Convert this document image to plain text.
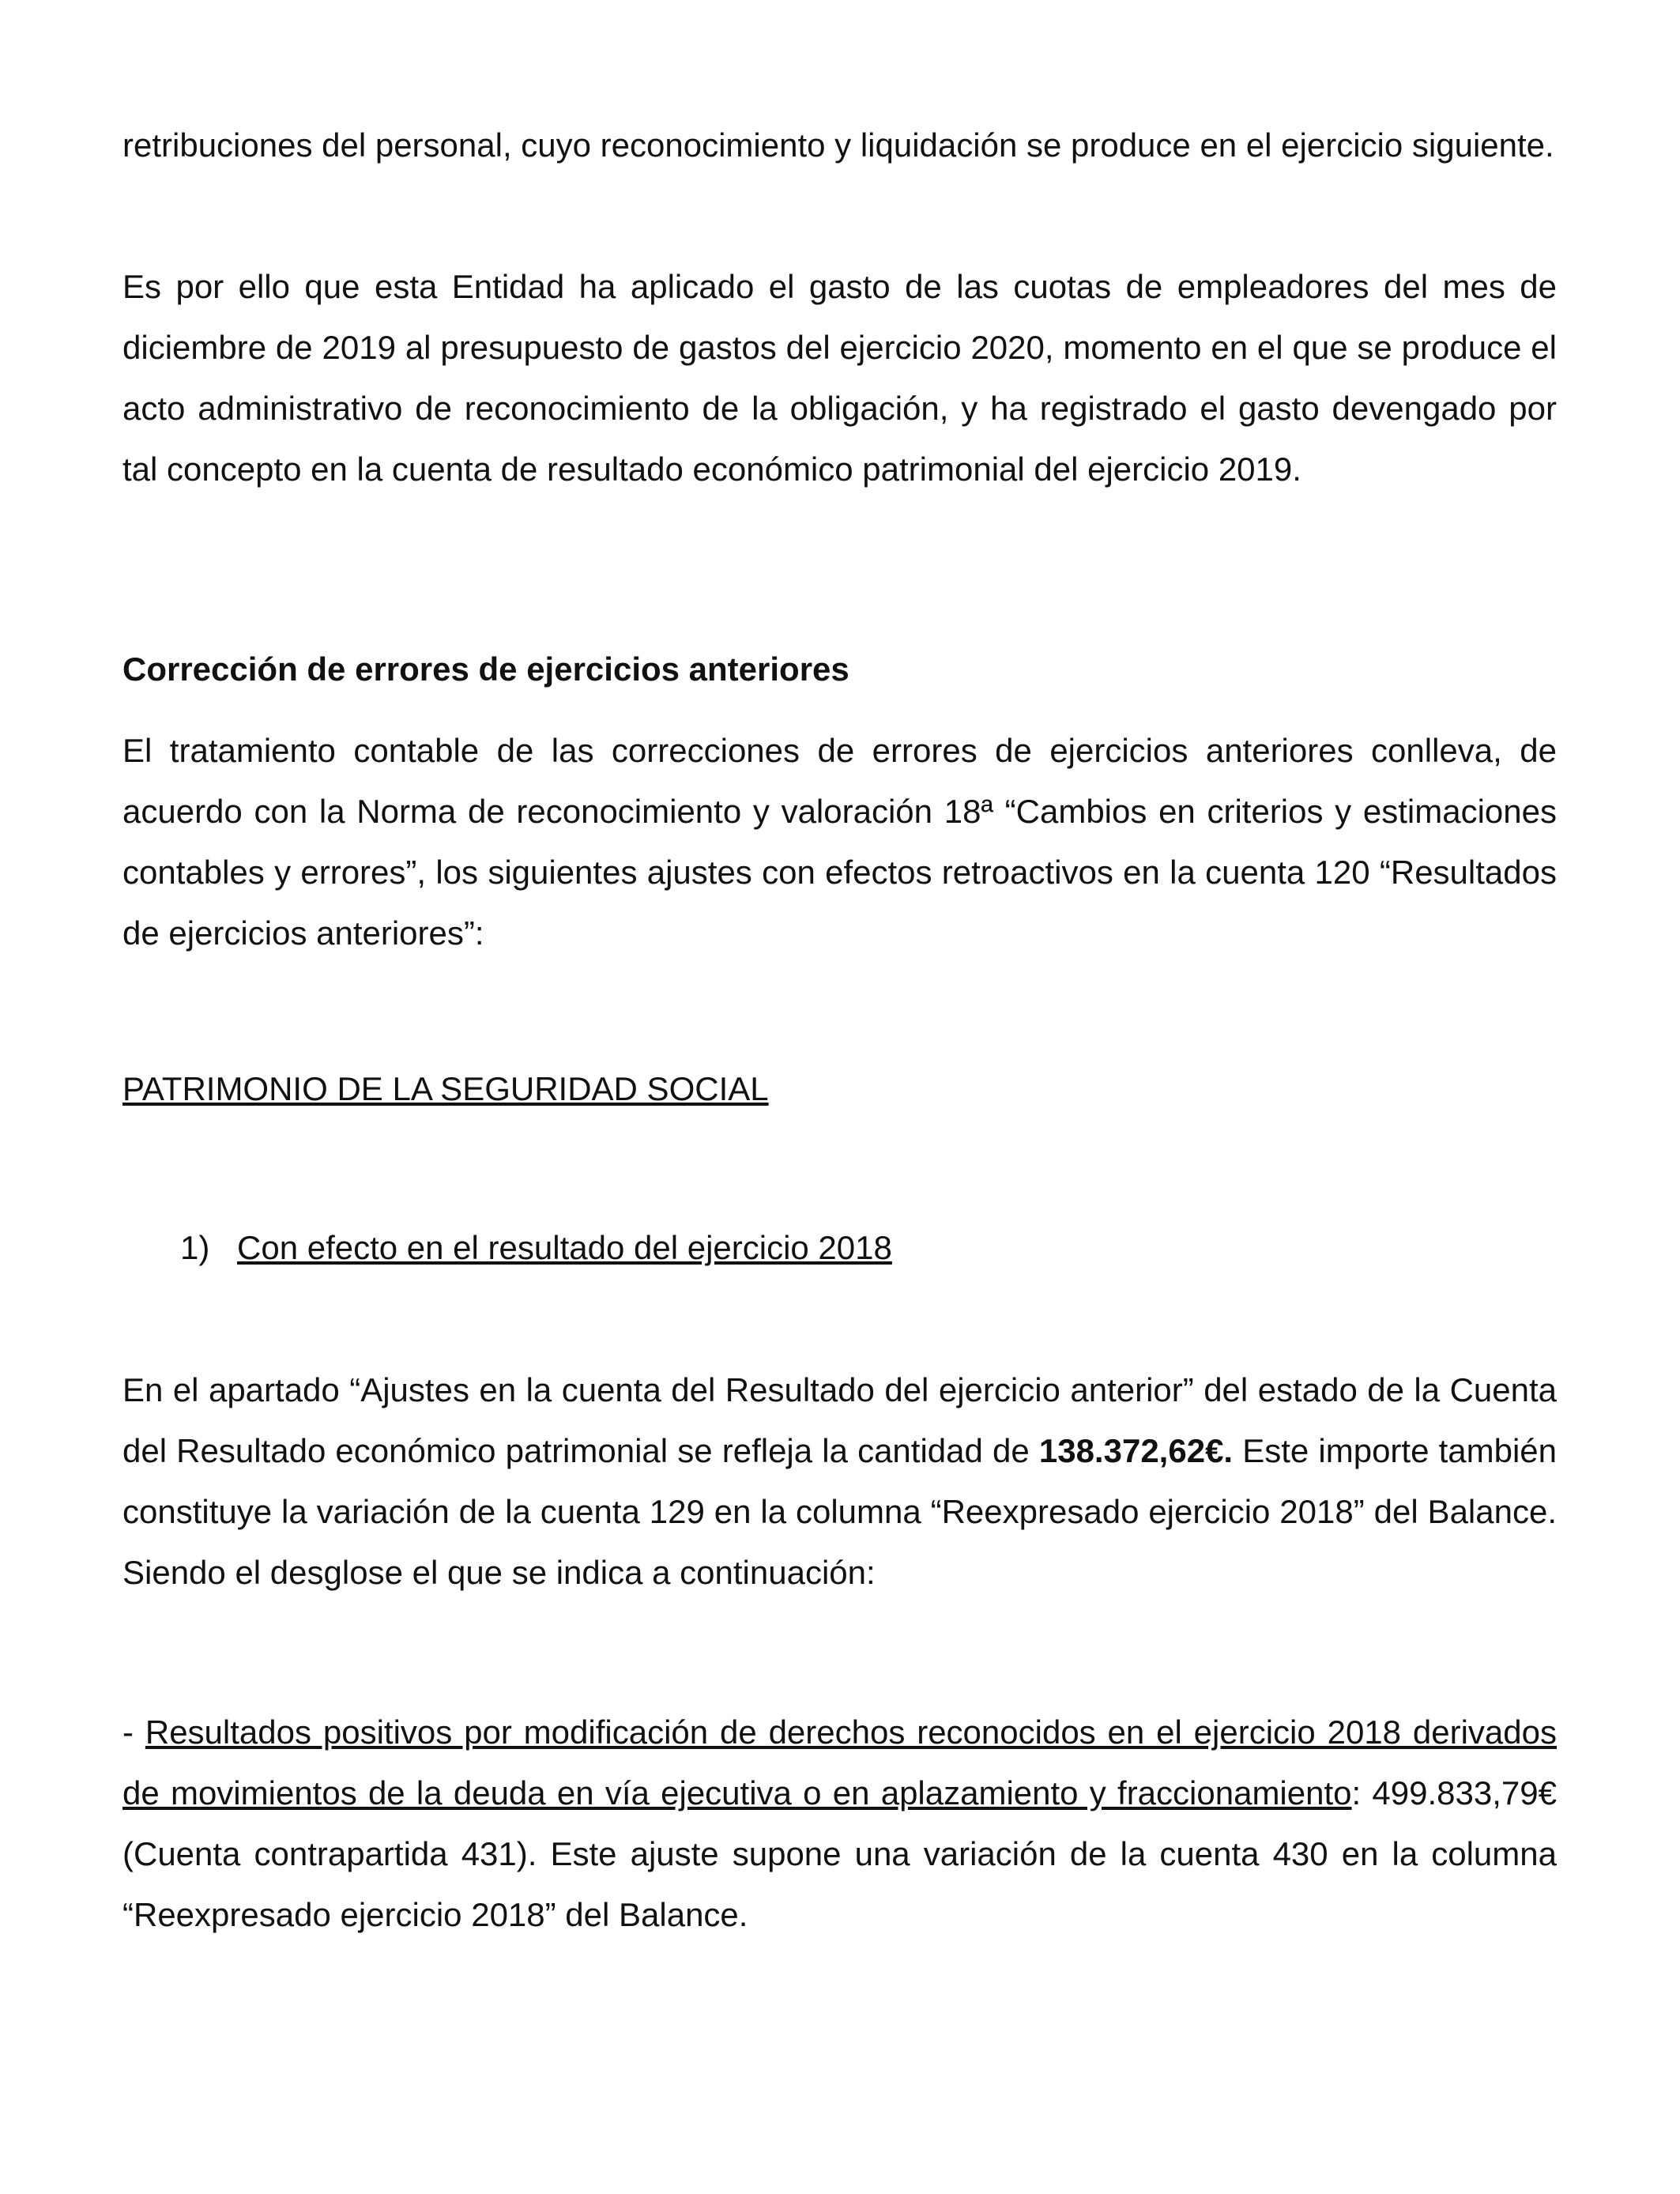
retribuciones del personal, cuyo reconocimiento y liquidación se produce en el ejercicio siguiente.

Es por ello que esta Entidad ha aplicado el gasto de las cuotas de empleadores del mes de diciembre de 2019 al presupuesto de gastos del ejercicio 2020, momento en el que se produce el acto administrativo de reconocimiento de la obligación, y ha registrado el gasto devengado por tal concepto en la cuenta de resultado económico patrimonial del ejercicio 2019.

Corrección de errores de ejercicios anteriores

El tratamiento contable de las correcciones de errores de ejercicios anteriores conlleva, de acuerdo con la Norma de reconocimiento y valoración 18ª “Cambios en criterios y estimaciones contables y errores”, los siguientes ajustes con efectos retroactivos en la cuenta 120 “Resultados de ejercicios anteriores”:

PATRIMONIO DE LA SEGURIDAD SOCIAL

1) Con efecto en el resultado del ejercicio 2018

En el apartado “Ajustes en la cuenta del Resultado del ejercicio anterior” del estado de la Cuenta del Resultado económico patrimonial se refleja la cantidad de 138.372,62€. Este importe también constituye la variación de la cuenta 129 en la columna “Reexpresado ejercicio 2018” del Balance. Siendo el desglose el que se indica a continuación:

- Resultados positivos por modificación de derechos reconocidos en el ejercicio 2018 derivados de movimientos de la deuda en vía ejecutiva o en aplazamiento y fraccionamiento: 499.833,79€ (Cuenta contrapartida 431). Este ajuste supone una variación de la cuenta 430 en la columna “Reexpresado ejercicio 2018” del Balance.
